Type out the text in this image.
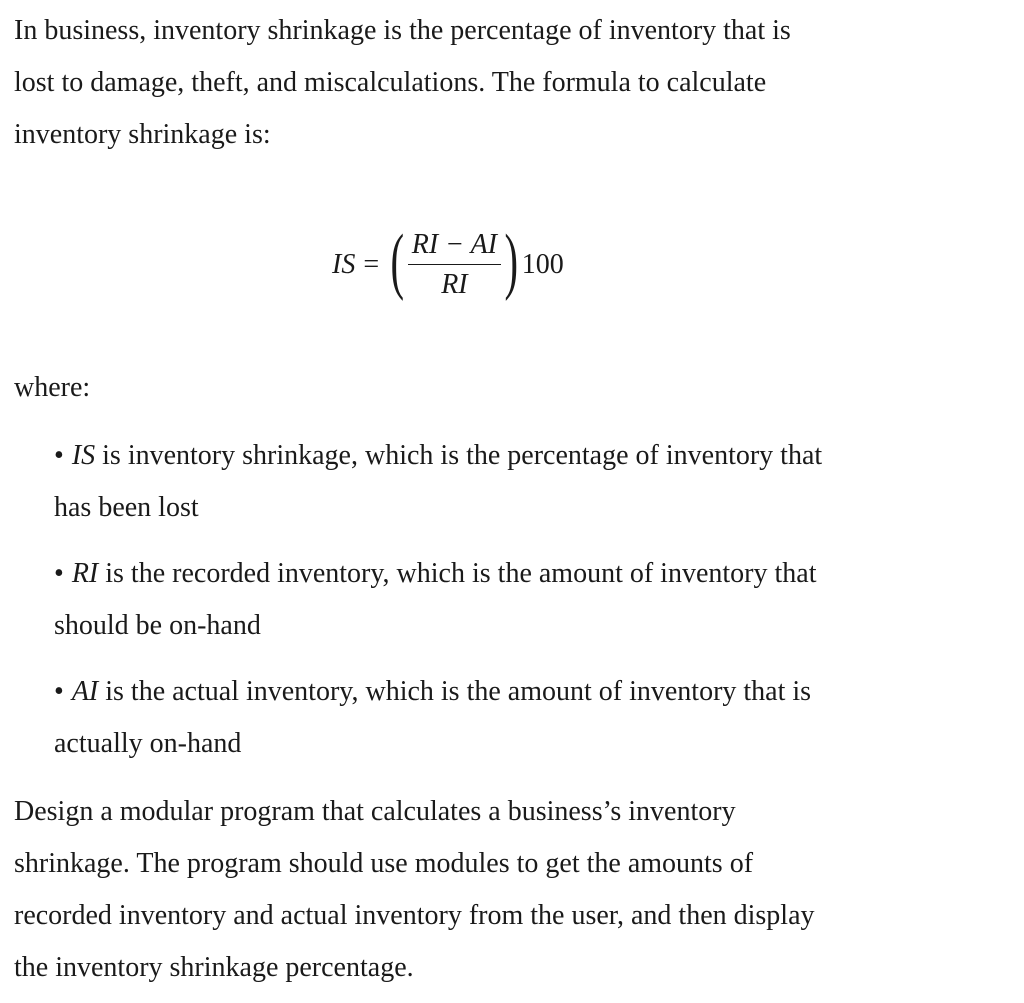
In business, inventory shrinkage is the percentage of inventory that is
lost to damage, theft, and miscalculations. The formula to calculate
inventory shrinkage is:

IS = ( $\frac{RI - AI}{RI}$ ) 100

where:

• IS is inventory shrinkage, which is the percentage of inventory that
has been lost
• RI is the recorded inventory, which is the amount of inventory that
should be on-hand
• AI is the actual inventory, which is the amount of inventory that is
actually on-hand

Design a modular program that calculates a business’s inventory
shrinkage. The program should use modules to get the amounts of
recorded inventory and actual inventory from the user, and then display
the inventory shrinkage percentage.
